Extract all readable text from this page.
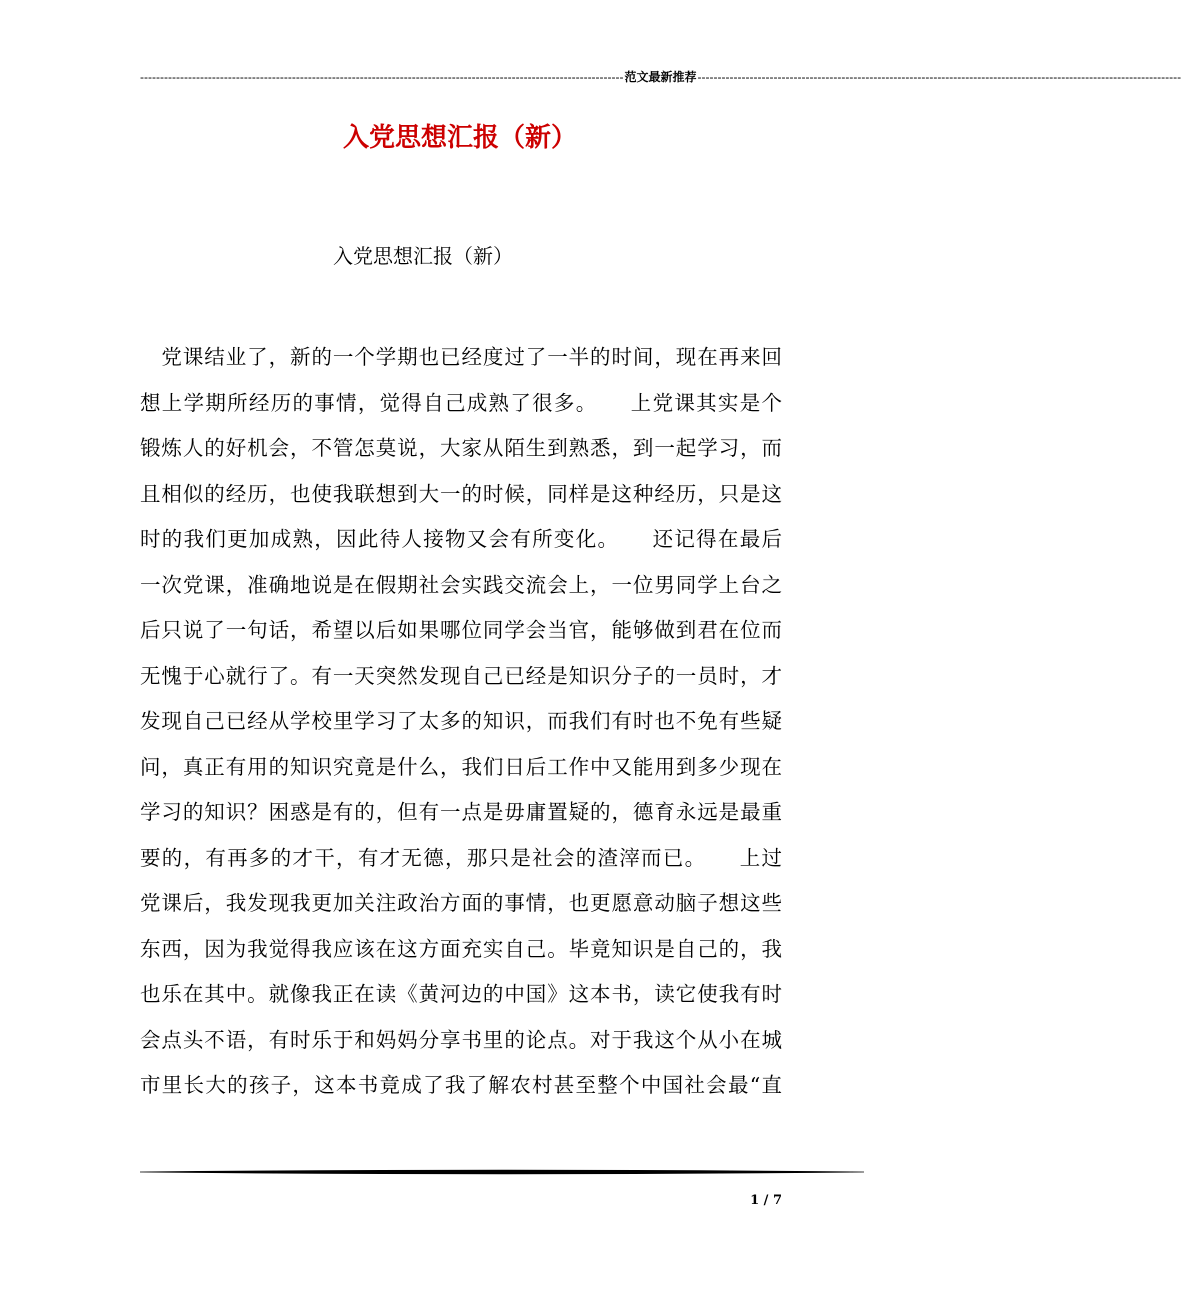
------------------------------------------------------------------------------------------------------------------------- 范文最新推荐 -------------------------------------------------------------------------------------------------------------------------
入党思想汇报（新）
入党思想汇报（新）
　党课结业了，新的一个学期也已经度过了一半的时间，现在再来回
想上学期所经历的事情，觉得自己成熟了很多。　　上党课其实是个
锻炼人的好机会，不管怎莫说，大家从陌生到熟悉，到一起学习，而
且相似的经历，也使我联想到大一的时候，同样是这种经历，只是这
时的我们更加成熟，因此待人接物又会有所变化。　　还记得在最后
一次党课，准确地说是在假期社会实践交流会上，一位男同学上台之
后只说了一句话，希望以后如果哪位同学会当官，能够做到君在位而
无愧于心就行了。有一天突然发现自己已经是知识分子的一员时，才
发现自己已经从学校里学习了太多的知识，而我们有时也不免有些疑
问，真正有用的知识究竟是什么，我们日后工作中又能用到多少现在
学习的知识？困惑是有的，但有一点是毋庸置疑的，德育永远是最重
要的，有再多的才干，有才无德，那只是社会的渣滓而已。　　上过
党课后，我发现我更加关注政治方面的事情，也更愿意动脑子想这些
东西，因为我觉得我应该在这方面充实自己。毕竟知识是自己的，我
也乐在其中。就像我正在读《黄河边的中国》这本书，读它使我有时
会点头不语，有时乐于和妈妈分享书里的论点。对于我这个从小在城
市里长大的孩子，这本书竟成了我了解农村甚至整个中国社会最“直
1 / 7
